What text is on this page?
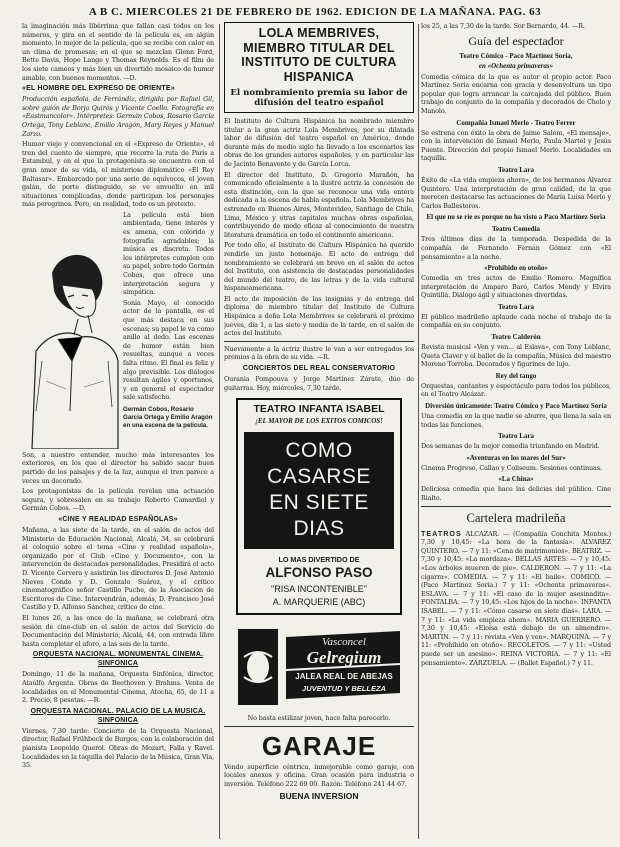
A B C. MIERCOLES 21 DE FEBRERO DE 1962. EDICION DE LA MAÑANA. PAG. 63

la imaginación más libérrima que fallan casi todos en los números, y gira en el sentido de la película es, en algún momento, lo mejor de la película, que se recibe con calor en un clima de promesas; en el que se mezclan Glenn Ford, Bette Davis, Hope Lange y Thomas Reynolds. Es el film de los siete cameos y más bien un divertido mosaico de humor amable, con buenos momentos. —D.

«EL HOMBRE DEL EXPRESO DE ORIENTE»

Producción española, de Ferrándiz, dirigida por Rafael Gil, sobre guión de Borja Quirós y Vicente Coello. Fotografía en «Eastmancolor». Intérpretes: Germán Cobos, Rosario García Ortega, Tony Leblanc, Emilio Aragón, Mary Reyes y Manuel Zarzo.

Humor viejo y convencional en el «Expreso de Oriente», el tren del cuento de siempre, que recorre la ruta de París a Estambul, y en el que la protagonista se encuentra con el gran amor de su vida, el misterioso diplomático «El Rey Baltasar». Embarcado por una serie de equívocos, el joven galán, de porte distinguido, se ve envuelto en mil situaciones complicadas, donde participan los personajes más peregrinos. Pero, en realidad, todo es un pretexto.

La película está bien ambientada, tiene interés y es amena, con colorido y fotografía agradables; la música es discreta. Todos los intérpretes cumplen con su papel, sobre todo Germán Cobos, que ofrece una interpretación segura y simpática.

Sonia Mayo, el conocido actor de la pantalla, es el que más destaca en sus escenas; su papel le va como anillo al dedo. Las escenas de humor están bien resueltas, aunque a veces falta ritmo. El final es feliz y algo previsible. Los diálogos resultan ágiles y oportunos, y en general el espectador sale satisfecho.

Germán Cobos, Rosario García Ortega y Emilio Aragón en una escena de la película.

Son, a nuestro entender, mucho más interesantes los exteriores, en los que el director ha sabido sacar buen partido de los paisajes y de la luz, aunque el tren parece a veces un decorado.

Los protagonistas de la película revelan una actuación segura, y sobresalen en su trabajo Roberto Camardiel y Germán Cobos. —D.

«CINE Y REALIDAD ESPAÑOLAS»

Mañana, a las siete de la tarde, en el salón de actos del Ministerio de Educación Nacional, Alcalá, 34, se celebrará el coloquio sobre el tema «Cine y realidad española», organizado por el Club «Cine y Documento», con la intervención de destacadas personalidades. Presidirá el acto D. Vicente Cervera y asistirán los directores D. José Antonio Nieves Conde y D. Gonzalo Suárez, y el crítico cinematográfico señor Castillo Puche, de la Asociación de Escritores de Cine. Intervendrán, además, D. Francisco José Castillo y D. Alfonso Sánchez, crítico de cine.

El lunes 26, a las once de la mañana, se celebrará otra sesión de cine-club en el salón de actos del Servicio de Documentación del Ministerio, Alcalá, 44, con entrada libre hasta completar el aforo, a las seis de la tarde.

ORQUESTA NACIONAL. MONUMENTAL CINEMA. SINFONICA

Domingo, 11 de la mañana, Orquesta Sinfónica, director, Ataúlfo Argenta. Obras de Beethoven y Brahms. Venta de localidades en el Monumental Cinema, Atocha, 65, de 11 a 2. Precio, 8 pesetas. —R.

ORQUESTA NACIONAL. PALACIO DE LA MUSICA. SINFONICA

Viernes, 7,30 tarde: Concierto de la Orquesta Nacional, director, Rafael Frühbeck de Burgos, con la colaboración del pianista Leopoldo Querol. Obras de Mozart, Falla y Ravel. Localidades en la taquilla del Palacio de la Música, Gran Vía, 35.

LOLA MEMBRIVES, MIEMBRO TITULAR DEL INSTITUTO DE CULTURA HISPANICA
El nombramiento premia su labor de difusión del teatro español

El Instituto de Cultura Hispánica ha nombrado miembro titular a la gran actriz Lola Membrives, por su dilatada labor de difusión del teatro español en América, donde durante más de medio siglo ha llevado a los escenarios las obras de los grandes autores españoles, y en particular las de Jacinto Benavente y de García Lorca.

El director del Instituto, D. Gregorio Marañón, ha comunicado oficialmente a la ilustre actriz la concesión de esta distinción, con la que se reconoce una vida entera dedicada a la escena de habla española. Lola Membrives ha estrenado en Buenos Aires, Montevideo, Santiago de Chile, Lima, México y otras capitales muchas obras españolas, contribuyendo de modo eficaz al conocimiento de nuestra literatura dramática en todo el continente americano.

Por todo ello, el Instituto de Cultura Hispánica ha querido rendirle un justo homenaje. El acto de entrega del nombramiento se celebrará en breve en el salón de actos del Instituto, con asistencia de destacadas personalidades del mundo del teatro, de las letras y de la vida cultural hispanoamericana.

El acto de imposición de las insignias y de entrega del diploma de miembro titular del Instituto de Cultura Hispánica a doña Lola Membrives se celebrará el próximo jueves, día 1, a las siete y media de la tarde, en el salón de actos del Instituto.

Nuevamente a la actriz ilustre le van a ser entregados los premios a la obra de su vida. —R.

CONCIERTOS DEL REAL CONSERVATORIO

Ourania Pompouva y Jorge Martínez Zárate, dúo de guitarras. Hoy, miércoles, 7,30 tarde.

TEATRO INFANTA ISABEL
¡EL MAYOR DE LOS EXITOS COMICOS!
COMO CASARSE
EN SIETE DIAS
LO MAS DIVERTIDO DE
ALFONSO PASO
"RISA INCONTENIBLE"
A. MARQUERIE (ABC)
Vasconcel
Gelregium
JALEA REAL DE ABEJAS
JUVENTUD Y BELLEZA

No basta estilizar joven, hace falta parecerlo.

GARAJE

Vendo superficie céntrica, inmejorable como garaje, con locales anexos y oficina. Gran ocasión para industria o inversión. Teléfono 222 69 00. Razón: Teléfono 241 44 67.

BUENA INVERSION

los 25, a las 7,30 de la tarde. Sor Bernardo, 44. —R.

Guía del espectador
Teatro Cómico - Paco Martínez Soria,
en «Ochenta primaveras»

Comedia cómica de la que es autor el propio actor. Paco Martínez Soria encarna con gracia y desenvoltura un tipo popular que logra arrancar la carcajada del público. Buen trabajo de conjunto de la compañía y decorados de Chelo y Manolo.

Compañía Ismael Merlo - Teatro Ferrer

Se estrena con éxito la obra de Jaime Salom, «El mensaje», con la intervención de Ismael Merlo, Paula Martel y Jesús Puente. Dirección del propio Ismael Merlo. Localidades en taquilla.

Teatro Lara

Éxito de «La vida empieza ahora», de los hermanos Álvarez Quintero. Una interpretación de gran calidad, de la que merecen destacarse las actuaciones de María Luisa Merlo y Carlos Ballesteros.

El que no se ríe es porque no ha visto a Paco Martínez Soria
Teatro Comedia

Tres últimos días de la temporada. Despedida de la compañía de Fernando Fernán Gómez con «El pensamiento» a la noche.

«Prohibido en otoño»

Comedia en tres actos de Emilio Romero. Magnífica interpretación de Amparo Baró, Carlos Mendy y Elvira Quintillá. Diálogo ágil y situaciones divertidas.

Teatro Lara

El público madrileño aplaude cada noche el trabajo de la compañía en su conjunto.

Teatro Calderón

Revista musical «Ven y ven... al Eslava», con Tony Leblanc, Queta Claver y el ballet de la compañía. Música del maestro Moreno Torroba. Decorados y figurines de lujo.

Rey del tango

Orquestas, cantantes y espectáculo para todos los públicos, en el Teatro Alcázar.

Diversión únicamente: Teatro Cómico y Paco Martínez Soria

Una comedia en la que nadie se aburre, que llena la sala en todas las funciones.

Teatro Lara

Dos semanas de la mejor comedia triunfando en Madrid.

«Aventuras en los mares del Sur»

Cinema Progreso, Callao y Coliseum. Sesiones continuas.

«La China»

Deliciosa comedia que hace las delicias del público. Cine Rialto.

Cartelera madrileña

TEATROS ALCAZAR. — (Compañía Conchita Montes.) 7,30 y 10,45: «La hora de la fantasía». ALVAREZ QUINTERO. — 7 y 11: «Cena de matrimonios». BEATRIZ. — 7,30 y 10,45: «La mordaza». BELLAS ARTES. — 7 y 10,45: «Los árboles mueren de pie». CALDERON. — 7 y 11: «La cigarra». COMEDIA. — 7 y 11: «El baile». COMICO. — (Paco Martínez Soria.) 7 y 11: «Ochenta primaveras». ESLAVA. — 7 y 11: «El caso de la mujer asesinadita». FONTALBA. — 7 y 10,45: «Los hijos de la noche». INFANTA ISABEL. — 7 y 11: «Cómo casarse en siete días». LARA. — 7 y 11: «La vida empieza ahora». MARIA GUERRERO. — 7,30 y 10,45: «Eloísa está debajo de un almendro». MARTIN. — 7 y 11: revista «Ven y ven». MARQUINA. — 7 y 11: «Prohibido en otoño». RECOLETOS. — 7 y 11: «Usted puede ser un asesino». REINA VICTORIA. — 7 y 11: «El pensamiento». ZARZUELA. — (Ballet Español.) 7 y 11.
